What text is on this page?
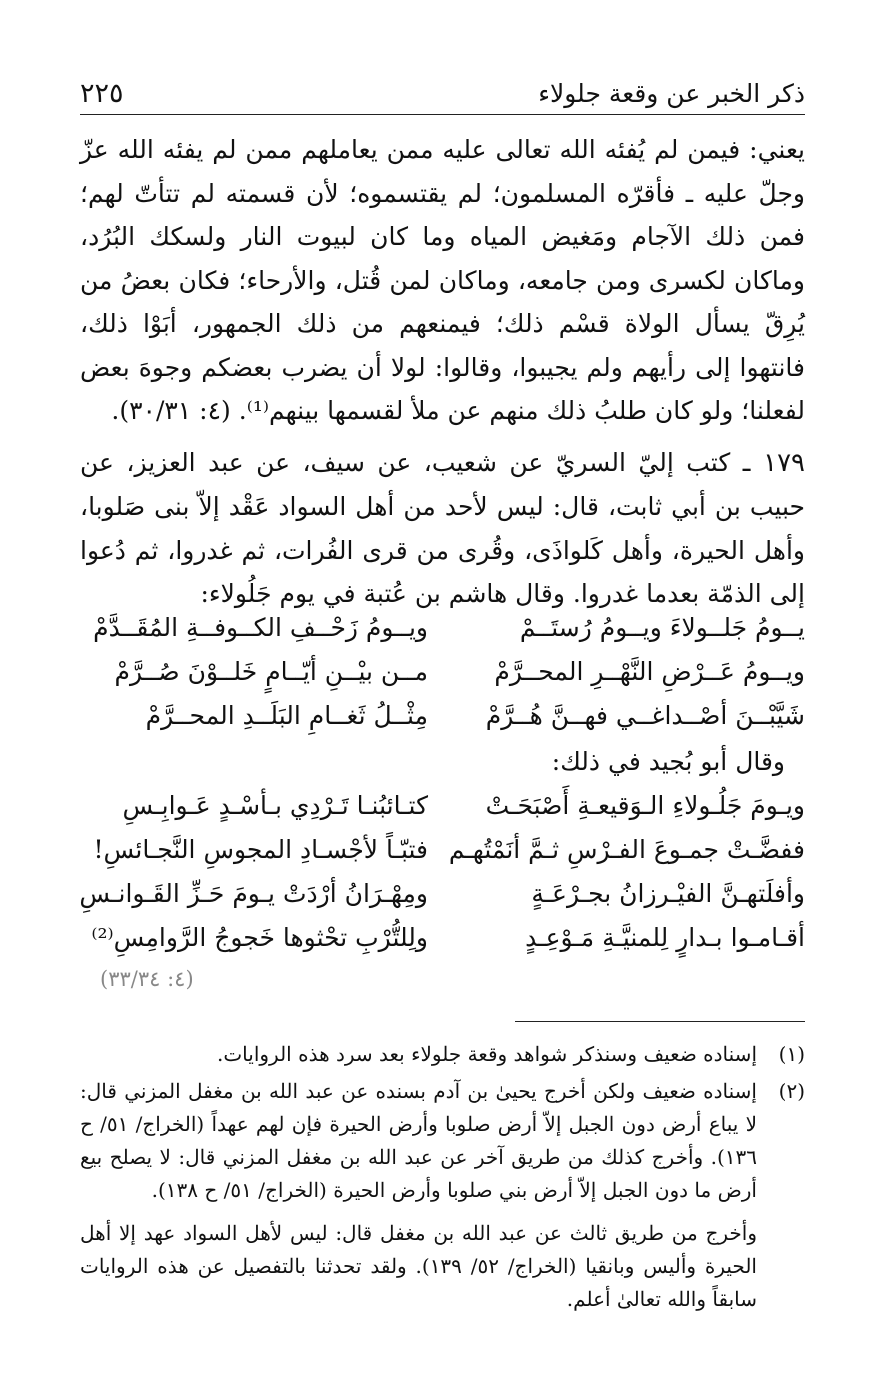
ذكر الخبر عن وقعة جلولاء
٢٢٥

يعني: فيمن لم يُفئه الله تعالى عليه ممن يعاملهم ممن لم يفئه الله عزّ وجلّ عليه ـ فأقرّه المسلمون؛ لم يقتسموه؛ لأن قسمته لم تتأتّ لهم؛ فمن ذلك الآجام ومَغيض المياه وما كان لبيوت النار ولسكك البُرُد، وماكان لكسرى ومن جامعه، وماكان لمن قُتل، والأرحاء؛ فكان بعضُ من يُرِقّ يسأل الولاة قسْم ذلك؛ فيمنعهم من ذلك الجمهور، أبَوْا ذلك، فانتهوا إلى رأيهم ولم يجيبوا، وقالوا: لولا أن يضرب بعضكم وجوهَ بعض لفعلنا؛ ولو كان طلبُ ذلك منهم عن ملأ لقسمها بينهم⁽¹⁾. (٤: ٣٠/٣١).

١٧٩ ـ كتب إليّ السريّ عن شعيب، عن سيف، عن عبد العزيز، عن حبيب بن أبي ثابت، قال: ليس لأحد من أهل السواد عَقْد إلاّ بنى صَلوبا، وأهل الحيرة، وأهل كَلواذَى، وقُرى من قرى الفُرات، ثم غدروا، ثم دُعوا إلى الذمّة بعدما غدروا. وقال هاشم بن عُتبة في يوم جَلُولاء:

يــومُ جَلــولاءَ ويــومُ رُستَــمْ
ويــومُ زَحْــفِ الكــوفــةِ المُقَــدَّمْ
ويــومُ عَــرْضِ النَّهْــرِ المحــرَّمْ
مــن بيْــنِ أيّــامٍ خَلــوْنَ صُــرَّمْ
شَيَّبْــنَ أصْــداغــي فهــنَّ هُــرَّمْ
مِثْــلُ ثَغــامِ البَلَــدِ المحــرَّمْ
وقال أبو بُجيد في ذلك:
ويـومَ جَلُـولاءِ الـوَقيعـةِ أَصْبَحَـتْ
كتـائبُنـا تَـرْدِي بـأسْـدٍ عَـوابِـسِ
ففضَّـتْ جمـوعَ الفـرْسِ ثـمَّ أنَمْتُهـم
فتبّـاً لأجْسـادِ المجوسِ النَّجـائسِ!
وأفلَتهـنَّ الفيْـرزانُ بجـرْعَـةٍ
ومِهْـرَانُ أرْدَتْ يـومَ حَـزِّ القَـوانـسِ
أقـامـوا بـدارٍ لِلمنيَّـةِ مَـوْعِـدٍ
ولِلتُّرْبِ تحْثوها خَجوجُ الرَّوامِسِ⁽²⁾
(٤: ٣٣/٣٤)
(١)

إسناده ضعيف وسنذكر شواهد وقعة جلولاء بعد سرد هذه الروايات.

(٢)

إسناده ضعيف ولكن أخرج يحيىٰ بن آدم بسنده عن عبد الله بن مغفل المزني قال: لا يباع أرض دون الجبل إلاّ أرض صلوبا وأرض الحيرة فإن لهم عهداً (الخراج/ ٥١/ ح ١٣٦). وأخرج كذلك من طريق آخر عن عبد الله بن مغفل المزني قال: لا يصلح بيع أرض ما دون الجبل إلاّ أرض بني صلوبا وأرض الحيرة (الخراج/ ٥١/ ح ١٣٨).

وأخرج من طريق ثالث عن عبد الله بن مغفل قال: ليس لأهل السواد عهد إلا أهل الحيرة وأليس وبانقيا (الخراج/ ٥٢/ ١٣٩). ولقد تحدثنا بالتفصيل عن هذه الروايات سابقاً والله تعالىٰ أعلم.
